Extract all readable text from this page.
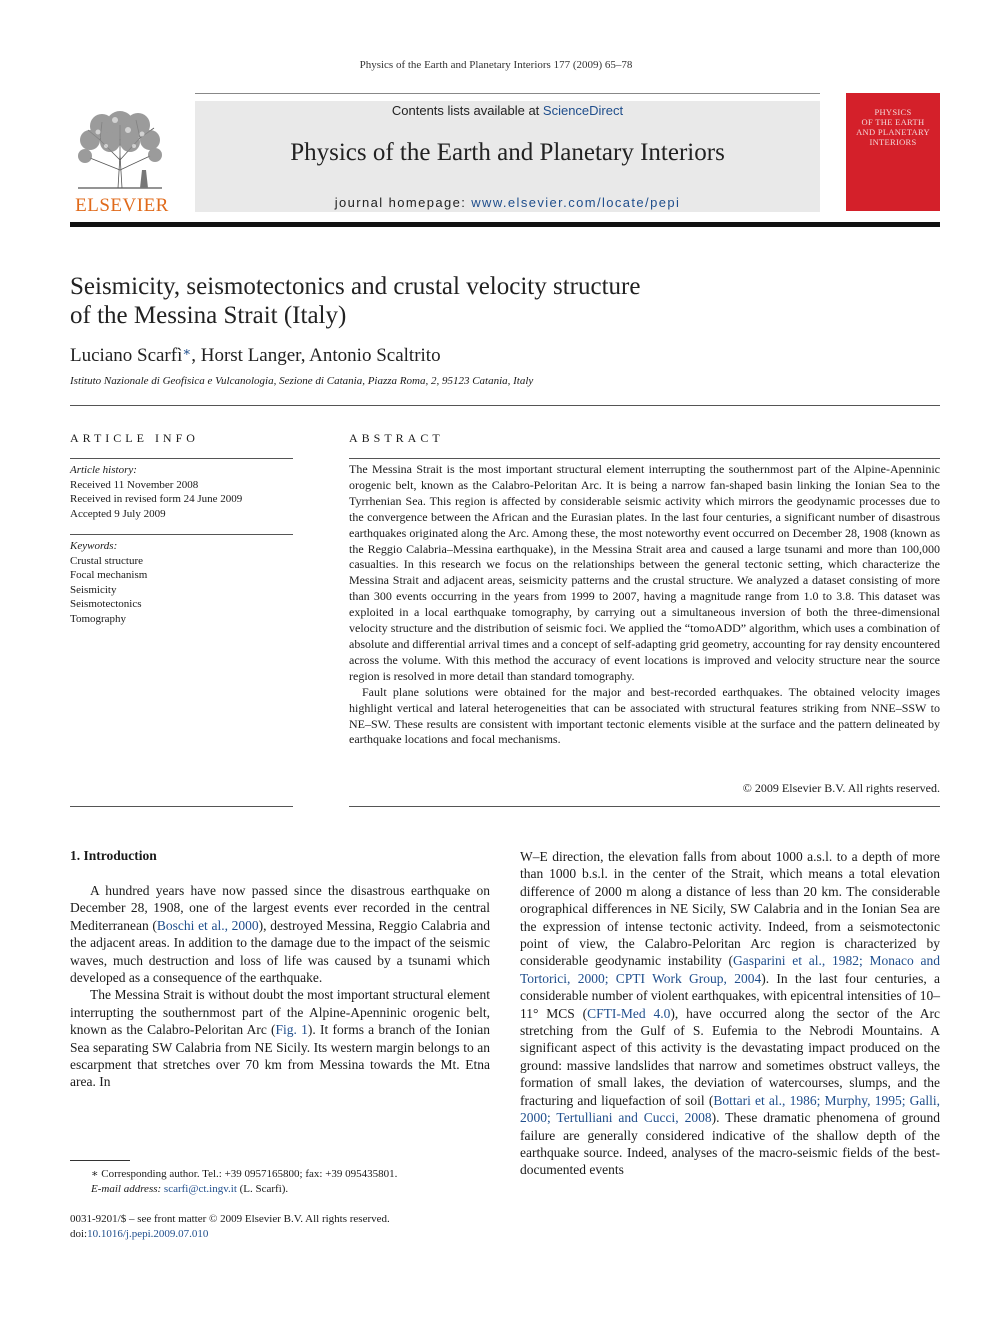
Physics of the Earth and Planetary Interiors 177 (2009) 65–78
ELSEVIER
Contents lists available at ScienceDirect
Physics of the Earth and Planetary Interiors
journal homepage: www.elsevier.com/locate/pepi
PHYSICS
OF THE EARTH
AND PLANETARY
INTERIORS
Seismicity, seismotectonics and crustal velocity structure
of the Messina Strait (Italy)
Luciano Scarfì∗, Horst Langer, Antonio Scaltrito
Istituto Nazionale di Geofisica e Vulcanologia, Sezione di Catania, Piazza Roma, 2, 95123 Catania, Italy
ARTICLE INFO	ABSTRACT
Article history:
Received 11 November 2008
Received in revised form 24 June 2009
Accepted 9 July 2009
Keywords:
Crustal structure
Focal mechanism
Seismicity
Seismotectonics
Tomography

The Messina Strait is the most important structural element interrupting the southernmost part of the Alpine-Apenninic orogenic belt, known as the Calabro-Peloritan Arc. It is being a narrow fan-shaped basin linking the Ionian Sea to the Tyrrhenian Sea. This region is affected by considerable seismic activity which mirrors the geodynamic processes due to the convergence between the African and the Eurasian plates. In the last four centuries, a significant number of disastrous earthquakes originated along the Arc. Among these, the most noteworthy event occurred on December 28, 1908 (known as the Reggio Calabria–Messina earthquake), in the Messina Strait area and caused a large tsunami and more than 100,000 casualties. In this research we focus on the relationships between the general tectonic setting, which characterize the Messina Strait and adjacent areas, seismicity patterns and the crustal structure. We analyzed a dataset consisting of more than 300 events occurring in the years from 1999 to 2007, having a magnitude range from 1.0 to 3.8. This dataset was exploited in a local earthquake tomography, by carrying out a simultaneous inversion of both the three-dimensional velocity structure and the distribution of seismic foci. We applied the “tomoADD” algorithm, which uses a combination of absolute and differential arrival times and a concept of self-adapting grid geometry, accounting for ray density encountered across the volume. With this method the accuracy of event locations is improved and velocity structure near the source region is resolved in more detail than standard tomography.

Fault plane solutions were obtained for the major and best-recorded earthquakes. The obtained velocity images highlight vertical and lateral heterogeneities that can be associated with structural features striking from NNE–SSW to NE–SW. These results are consistent with important tectonic elements visible at the surface and the pattern delineated by earthquake locations and focal mechanisms.

© 2009 Elsevier B.V. All rights reserved.
1. Introduction

A hundred years have now passed since the disastrous earthquake on December 28, 1908, one of the largest events ever recorded in the central Mediterranean (Boschi et al., 2000), destroyed Messina, Reggio Calabria and the adjacent areas. In addition to the damage due to the impact of the seismic waves, much destruction and loss of life was caused by a tsunami which developed as a consequence of the earthquake.

The Messina Strait is without doubt the most important structural element interrupting the southernmost part of the Alpine-Apenninic orogenic belt, known as the Calabro-Peloritan Arc (Fig. 1). It forms a branch of the Ionian Sea separating SW Calabria from NE Sicily. Its western margin belongs to an escarpment that stretches over 70 km from Messina towards the Mt. Etna area. In

W–E direction, the elevation falls from about 1000 a.s.l. to a depth of more than 1000 b.s.l. in the center of the Strait, which means a total elevation difference of 2000 m along a distance of less than 20 km. The considerable orographical differences in NE Sicily, SW Calabria and in the Ionian Sea are the expression of intense tectonic activity. Indeed, from a seismotectonic point of view, the Calabro-Peloritan Arc region is characterized by considerable geodynamic instability (Gasparini et al., 1982; Monaco and Tortorici, 2000; CPTI Work Group, 2004). In the last four centuries, a considerable number of violent earthquakes, with epicentral intensities of 10–11° MCS (CFTI-Med 4.0), have occurred along the sector of the Arc stretching from the Gulf of S. Eufemia to the Nebrodi Mountains. A significant aspect of this activity is the devastating impact produced on the ground: massive landslides that narrow and sometimes obstruct valleys, the formation of small lakes, the deviation of watercourses, slumps, and the fracturing and liquefaction of soil (Bottari et al., 1986; Murphy, 1995; Galli, 2000; Tertulliani and Cucci, 2008). These dramatic phenomena of ground failure are generally considered indicative of the shallow depth of the earthquake source. Indeed, analyses of the macro-seismic fields of the best-documented events

∗ Corresponding author. Tel.: +39 0957165800; fax: +39 095435801.
E-mail address: scarfi@ct.ingv.it (L. Scarfì).
0031-9201/$ – see front matter © 2009 Elsevier B.V. All rights reserved.
doi:10.1016/j.pepi.2009.07.010
